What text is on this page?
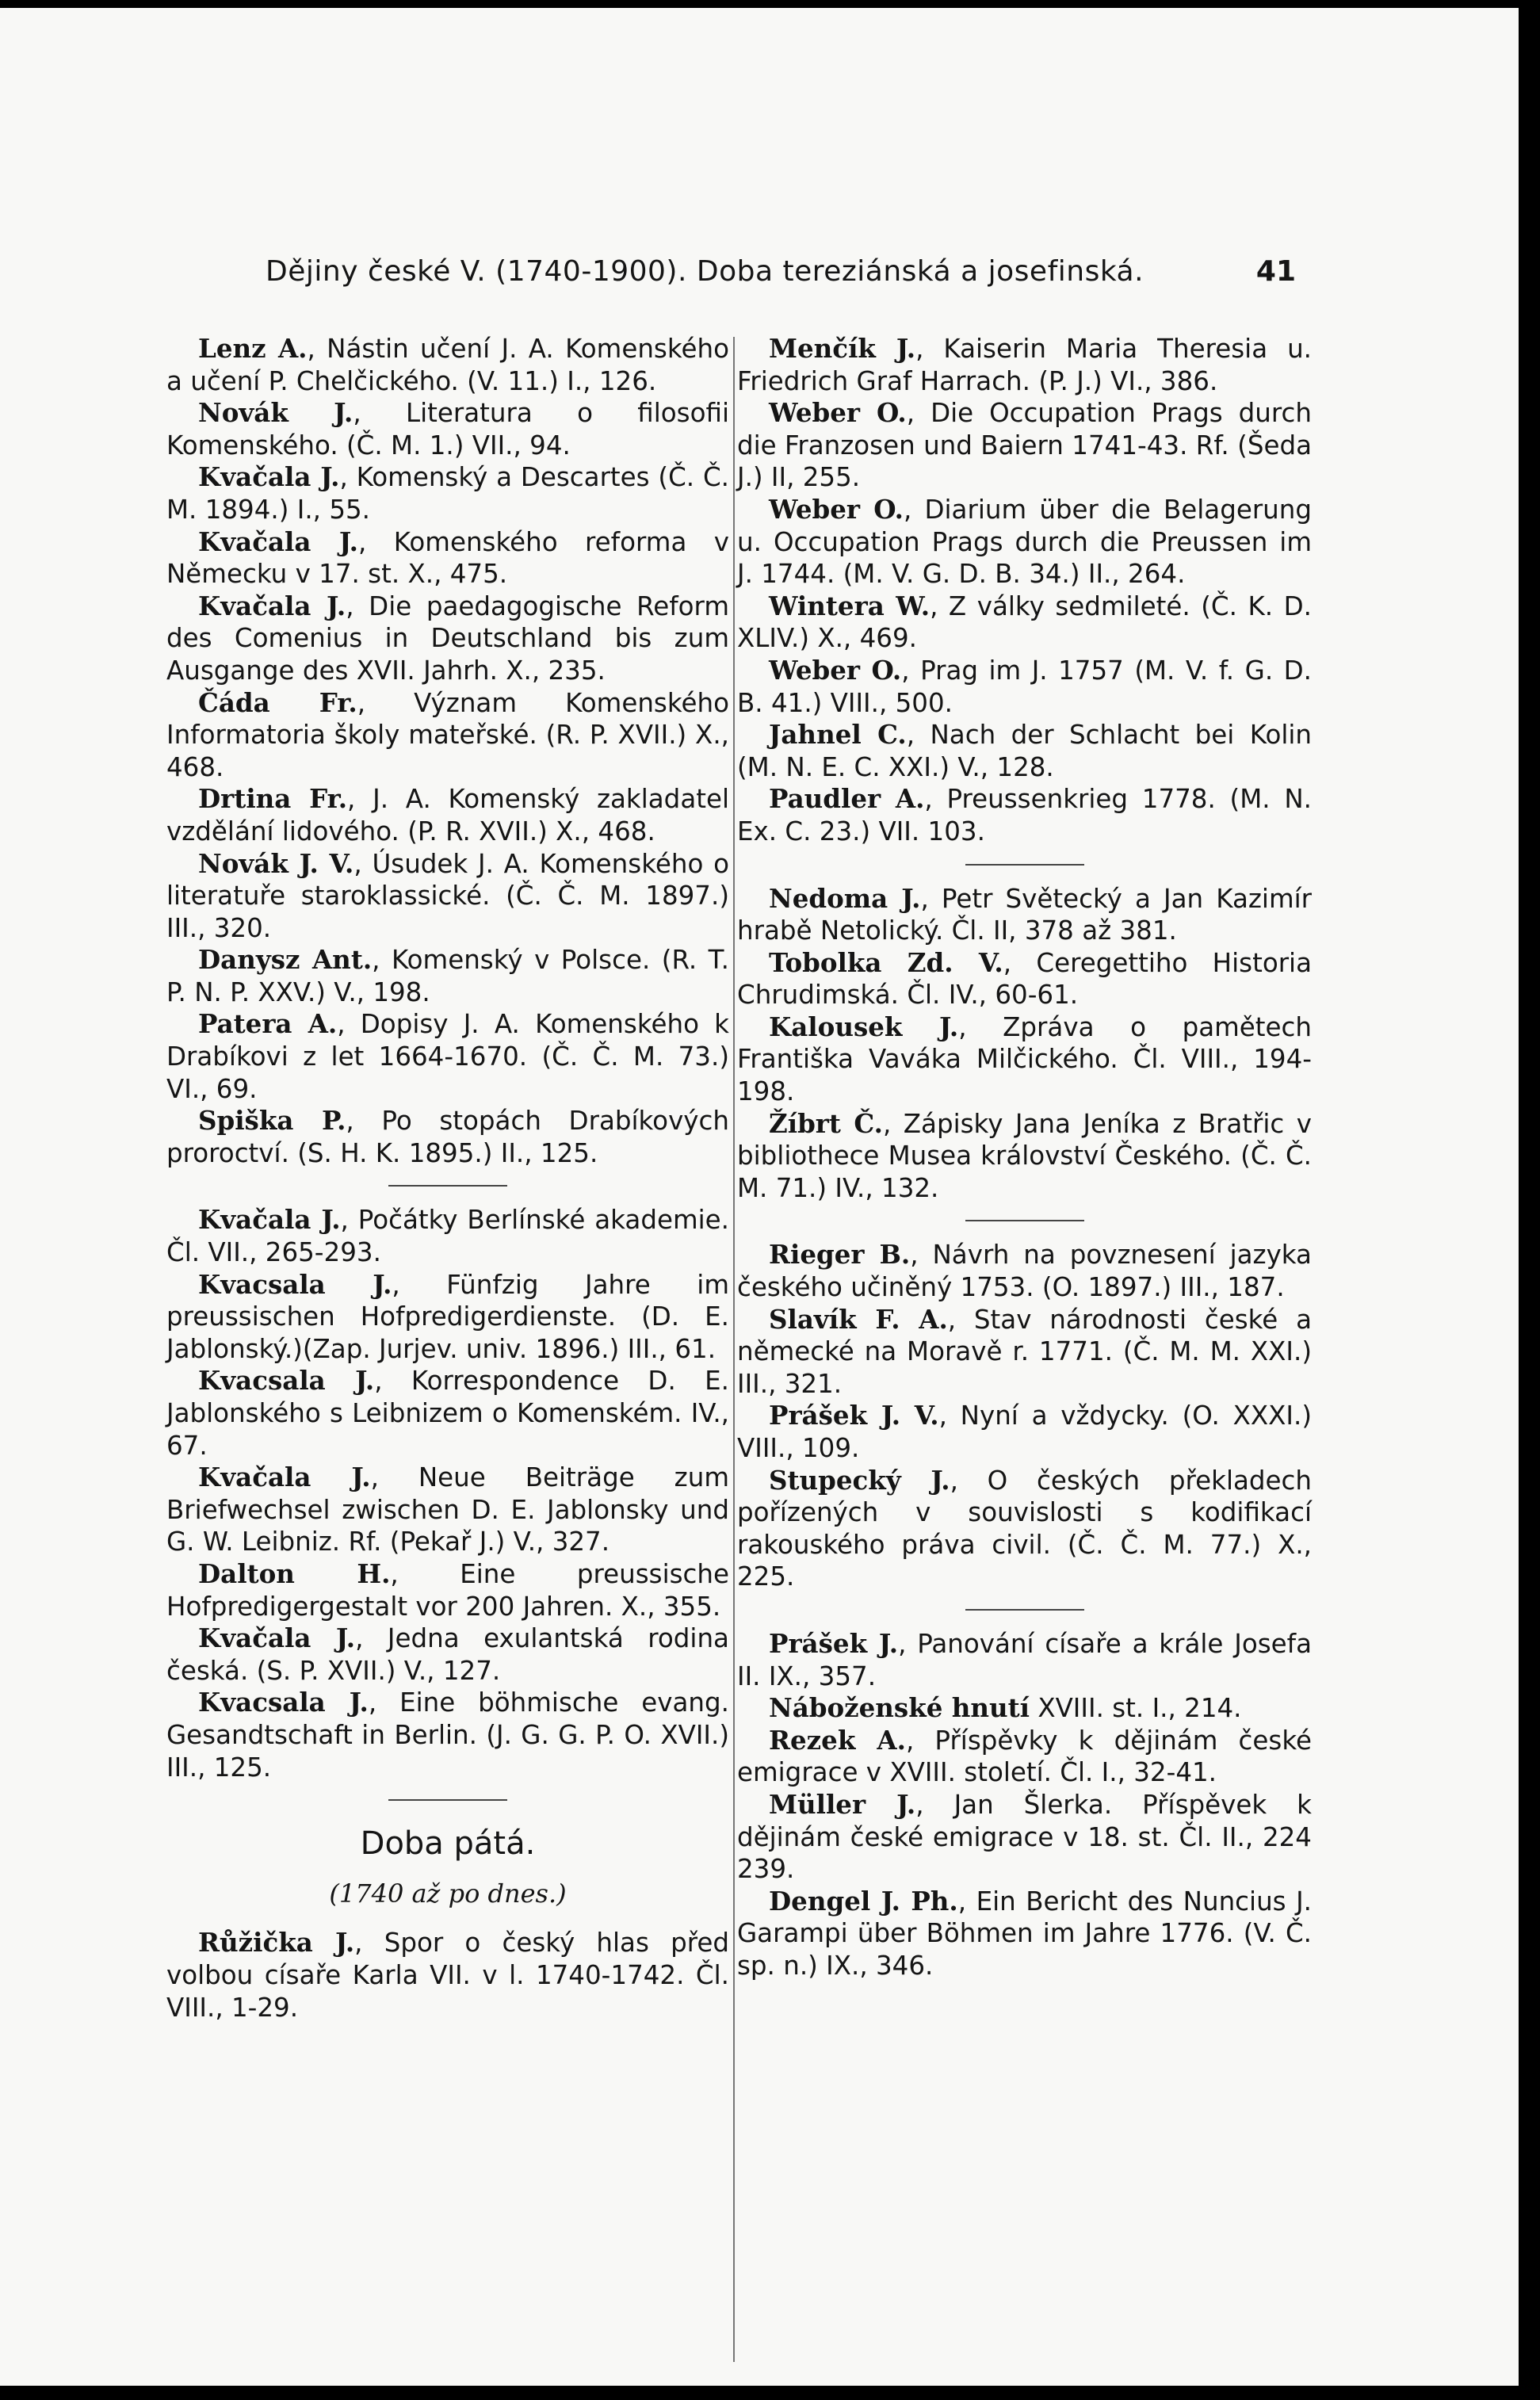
Dějiny české V. (1740-1900). Doba tereziánská a josefinská.	41

Lenz A., Nástin učení J. A. Komenského a učení P. Chelčického. (V. 11.) I., 126.

Novák J., Literatura o filosofii Komenského. (Č. M. 1.) VII., 94.

Kvačala J., Komenský a Descartes (Č. Č. M. 1894.) I., 55.

Kvačala J., Komenského reforma v Německu v 17. st. X., 475.

Kvačala J., Die paedagogische Reform des Comenius in Deutschland bis zum Ausgange des XVII. Jahrh. X., 235.

Čáda Fr., Význam Komenského Informatoria školy mateřské. (R. P. XVII.) X., 468.

Drtina Fr., J. A. Komenský zakladatel vzdělání lidového. (P. R. XVII.) X., 468.

Novák J. V., Úsudek J. A. Komenského o literatuře staroklassické. (Č. Č. M. 1897.) III., 320.

Danysz Ant., Komenský v Polsce. (R. T. P. N. P. XXV.) V., 198.

Patera A., Dopisy J. A. Komenského k Drabíkovi z let 1664-1670. (Č. Č. M. 73.) VI., 69.

Spiška P., Po stopách Drabíkových proroctví. (S. H. K. 1895.) II., 125.

Kvačala J., Počátky Berlínské akademie. Čl. VII., 265-293.

Kvacsala J., Fünfzig Jahre im preussischen Hofpredigerdienste. (D. E. Jablonský.)(Zap. Jurjev. univ. 1896.) III., 61.

Kvacsala J., Korrespondence D. E. Jablonského s Leibnizem o Komenském. IV., 67.

Kvačala J., Neue Beiträge zum Briefwechsel zwischen D. E. Jablonsky und G. W. Leibniz. Rf. (Pekař J.) V., 327.

Dalton H., Eine preussische Hofpredigergestalt vor 200 Jahren. X., 355.

Kvačala J., Jedna exulantská rodina česká. (S. P. XVII.) V., 127.

Kvacsala J., Eine böhmische evang. Gesandtschaft in Berlin. (J. G. G. P. O. XVII.) III., 125.

Doba pátá.
(1740 až po dnes.)

Růžička J., Spor o český hlas před volbou císaře Karla VII. v l. 1740-1742. Čl. VIII., 1-29.

Menčík J., Kaiserin Maria Theresia u. Friedrich Graf Harrach. (P. J.) VI., 386.

Weber O., Die Occupation Prags durch die Franzosen und Baiern 1741-43. Rf. (Šeda J.) II, 255.

Weber O., Diarium über die Belagerung u. Occupation Prags durch die Preussen im J. 1744. (M. V. G. D. B. 34.) II., 264.

Wintera W., Z války sedmileté. (Č. K. D. XLIV.) X., 469.

Weber O., Prag im J. 1757 (M. V. f. G. D. B. 41.) VIII., 500.

Jahnel C., Nach der Schlacht bei Kolin (M. N. E. C. XXI.) V., 128.

Paudler A., Preussenkrieg 1778. (M. N. Ex. C. 23.) VII. 103.

Nedoma J., Petr Světecký a Jan Kazimír hrabě Netolický. Čl. II, 378 až 381.

Tobolka Zd. V., Ceregettiho Historia Chrudimská. Čl. IV., 60-61.

Kalousek J., Zpráva o pamětech Františka Vaváka Milčického. Čl. VIII., 194-198.

Žíbrt Č., Zápisky Jana Jeníka z Bratřic v bibliothece Musea království Českého. (Č. Č. M. 71.) IV., 132.

Rieger B., Návrh na povznesení jazyka českého učiněný 1753. (O. 1897.) III., 187.

Slavík F. A., Stav národnosti české a německé na Moravě r. 1771. (Č. M. M. XXI.) III., 321.

Prášek J. V., Nyní a vždycky. (O. XXXI.) VIII., 109.

Stupecký J., O českých překladech pořízených v souvislosti s kodifikací rakouského práva civil. (Č. Č. M. 77.) X., 225.

Prášek J., Panování císaře a krále Josefa II. IX., 357.

Náboženské hnutí XVIII. st. I., 214.

Rezek A., Příspěvky k dějinám české emigrace v XVIII. století. Čl. I., 32-41.

Müller J., Jan Šlerka. Příspěvek k dějinám české emigrace v 18. st. Čl. II., 224 239.

Dengel J. Ph., Ein Bericht des Nuncius J. Garampi über Böhmen im Jahre 1776. (V. Č. sp. n.) IX., 346.
